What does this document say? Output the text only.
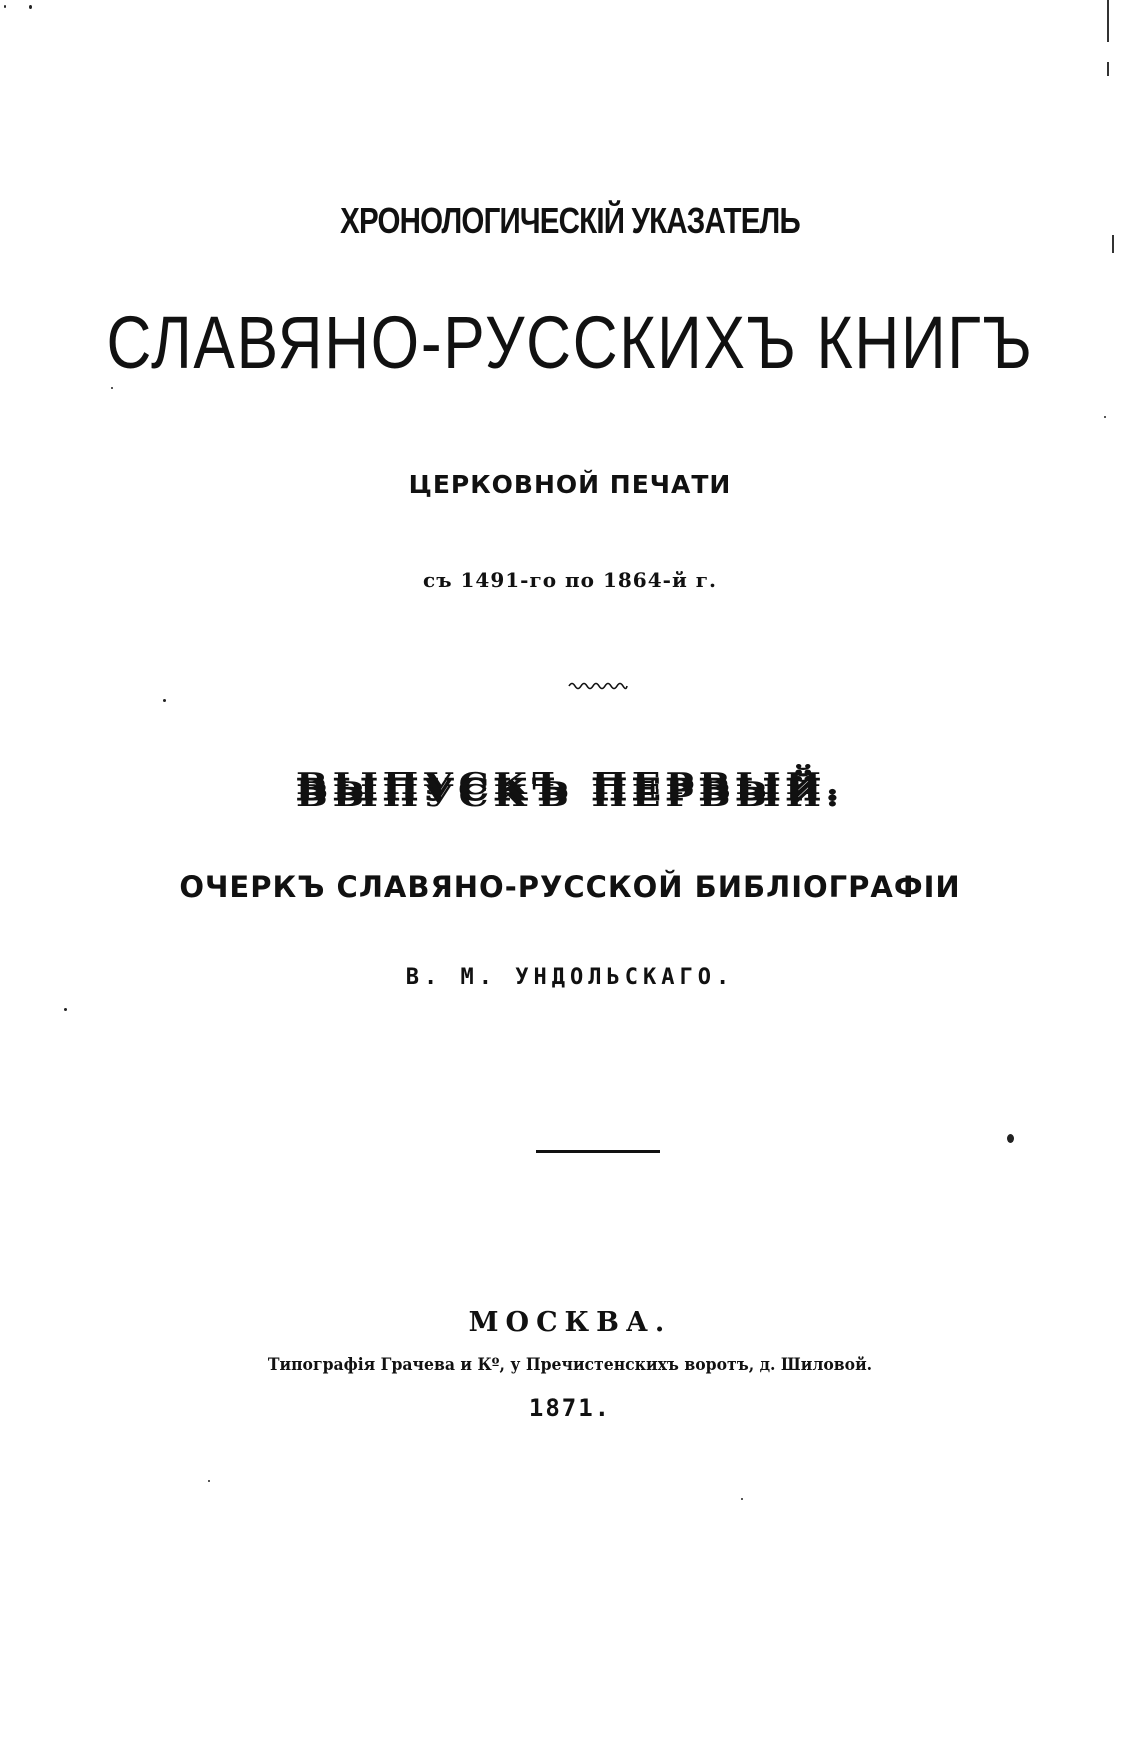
ХРОНОЛОГИЧЕСКІЙ УКАЗАТЕЛЬ
СЛАВЯНО-РУССКИХЪ КНИГЪ
ЦЕРКОВНОЙ ПЕЧАТИ
съ 1491-го по 1864-й г.
ВЫПУСКЪ ПЕРВЫЙ.
ОЧЕРКЪ СЛАВЯНО-РУССКОЙ БИБЛІОГРАФІИ
В. М. УНДОЛЬСКАГО.
МОСКВА.
Типографія Грачева и Кº, у Пречистенскихъ воротъ, д. Шиловой.
1871.
